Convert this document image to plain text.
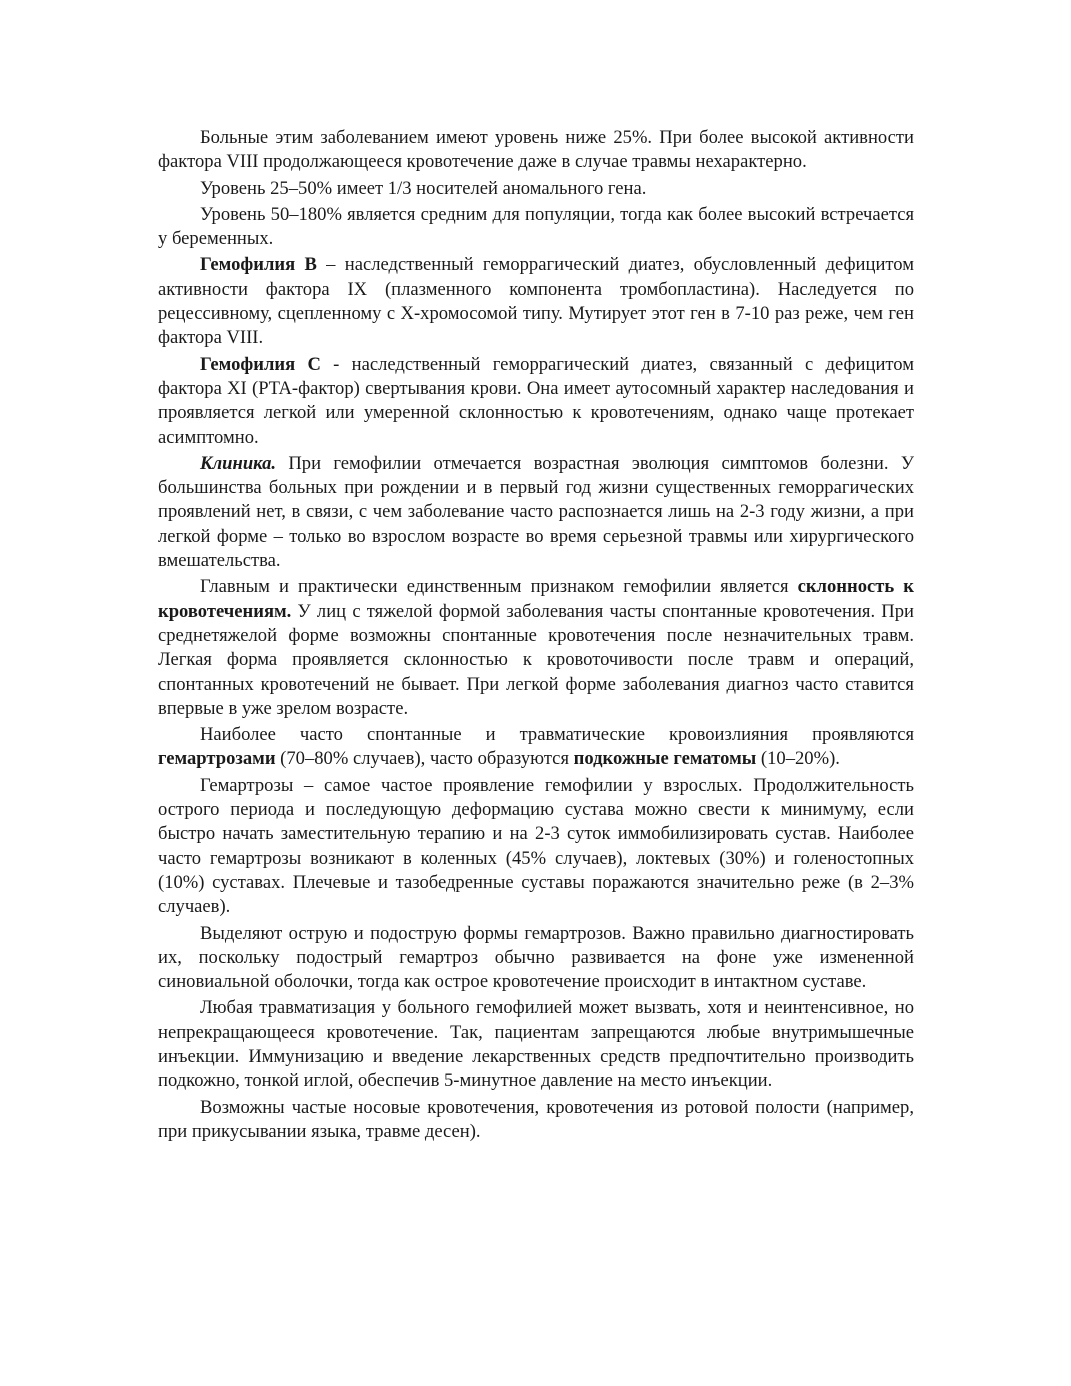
Больные этим заболеванием имеют уровень ниже 25%. При более высокой активности фактора VIII продолжающееся кровотечение даже в случае травмы нехарактерно.

Уровень 25–50% имеет 1/3 носителей аномального гена.

Уровень 50–180% является средним для популяции, тогда как более высокий встречается у беременных.

Гемофилия В – наследственный геморрагический диатез, обусловленный дефицитом активности фактора IX (плазменного компонента тромбопластина). Наследуется по рецессивному, сцепленному с Х-хромосомой типу. Мутирует этот ген в 7-10 раз реже, чем ген фактора VIII.

Гемофилия С - наследственный геморрагический диатез, связанный с дефицитом фактора XI (PTA-фактор) свертывания крови. Она имеет аутосомный характер наследования и проявляется легкой или умеренной склонностью к кровотечениям, однако чаще протекает асимптомно.

Клиника. При гемофилии отмечается возрастная эволюция симптомов болезни. У большинства больных при рождении и в первый год жизни существенных геморрагических проявлений нет, в связи, с чем заболевание часто распознается лишь на 2-3 году жизни, а при легкой форме – только во взрослом возрасте во время серьезной травмы или хирургического вмешательства.

Главным и практически единственным признаком гемофилии является склонность к кровотечениям. У лиц с тяжелой формой заболевания часты спонтанные кровотечения. При среднетяжелой форме возможны спонтанные кровотечения после незначительных травм. Легкая форма проявляется склонностью к кровоточивости после травм и операций, спонтанных кровотечений не бывает. При легкой форме заболевания диагноз часто ставится впервые в уже зрелом возрасте.

Наиболее часто спонтанные и травматические кровоизлияния проявляются гемартрозами (70–80% случаев), часто образуются подкожные гематомы (10–20%).

Гемартрозы – самое частое проявление гемофилии у взрослых. Продолжительность острого периода и последующую деформацию сустава можно свести к минимуму, если быстро начать заместительную терапию и на 2-3 суток иммобилизировать сустав. Наиболее часто гемартрозы возникают в коленных (45% случаев), локтевых (30%) и голеностопных (10%) суставах. Плечевые и тазобедренные суставы поражаются значительно реже (в 2–3% случаев).

Выделяют острую и подострую формы гемартрозов. Важно правильно диагностировать их, поскольку подострый гемартроз обычно развивается на фоне уже измененной синовиальной оболочки, тогда как острое кровотечение происходит в интактном суставе.

Любая травматизация у больного гемофилией может вызвать, хотя и неинтенсивное, но непрекращающееся кровотечение. Так, пациентам запрещаются любые внутримышечные инъекции. Иммунизацию и введение лекарственных средств предпочтительно производить подкожно, тонкой иглой, обеспечив 5-минутное давление на место инъекции.

Возможны частые носовые кровотечения, кровотечения из ротовой полости (например, при прикусывании языка, травме десен).
